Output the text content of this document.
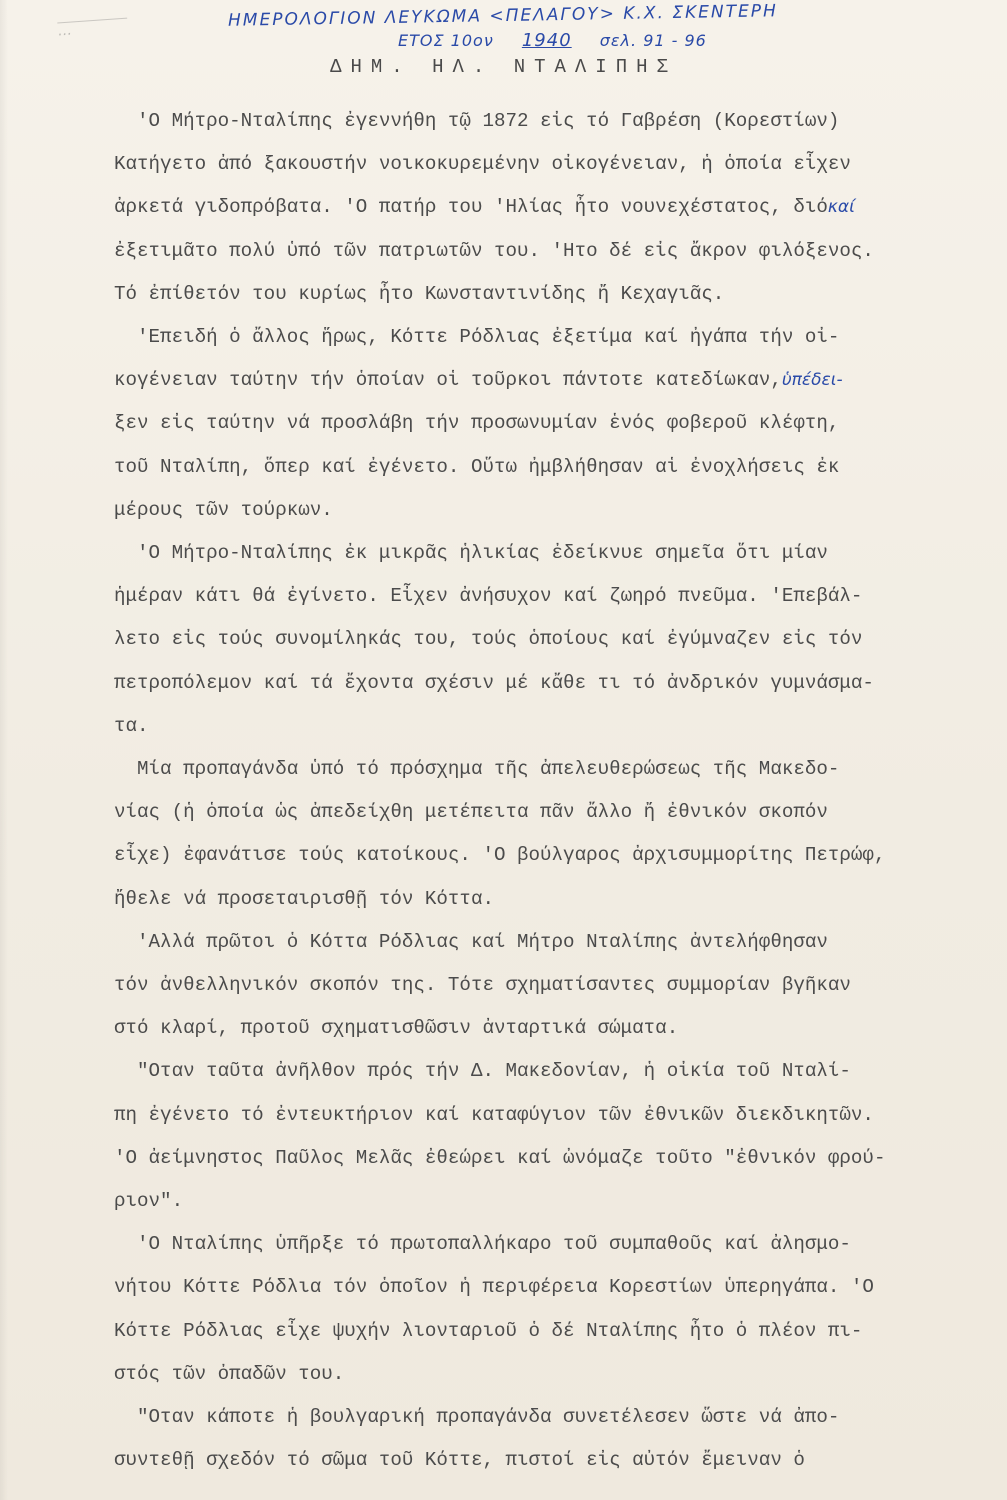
…
ΗΜΕΡΟΛΟΓΙΟΝ ΛΕΥΚΩΜΑ <ΠΕΛΑΓΟΥ> Κ.Χ. ΣΚΕΝΤΕΡΗ
ΕΤΟΣ 10ον 1940 σελ. 91 - 96
ΔΗΜ. ΗΛ. ΝΤΑΛΙΠΗΣ
'Ο Μήτρο-Νταλίπης ἐγεννήθη τῷ 1872 εἰς τό Γαβρέση (Κορεστίων)
Κατήγετο ἀπό ξακουστήν νοικοκυρεμένην οἰκογένειαν, ἡ ὁποία εἶχεν
ἀρκετά γιδοπρόβατα. 'Ο πατήρ του 'Ηλίας ἦτο νουνεχέστατος, διόκαί
ἐξετιμᾶτο πολύ ὑπό τῶν πατριωτῶν του. 'Ητο δέ εἰς ἄκρον φιλόξενος.
Τό ἐπίθετόν του κυρίως ἦτο Κωνσταντινίδης ἤ Κεχαγιᾶς.
'Επειδή ὁ ἄλλος ἥρως, Κόττε Ρόδλιας ἐξετίμα καί ἠγάπα τήν οἰ-
κογένειαν ταύτην τήν ὁποίαν οἱ τοῦρκοι πάντοτε κατεδίωκαν,ὑπέδει-
ξεν εἰς ταύτην νά προσλάβη τήν προσωνυμίαν ἑνός φοβεροῦ κλέφτη,
τοῦ Νταλίπη, ὅπερ καί ἐγένετο. Οὕτω ἠμβλήθησαν αἱ ἐνοχλήσεις ἐκ
μέρους τῶν τούρκων.
'Ο Μήτρο-Νταλίπης ἐκ μικρᾶς ἡλικίας ἐδείκνυε σημεῖα ὅτι μίαν
ἡμέραν κάτι θά ἐγίνετο. Εἶχεν ἀνήσυχον καί ζωηρό πνεῦμα. 'Επεβάλ-
λετο εἰς τούς συνομίληκάς του, τούς ὁποίους καί ἐγύμναζεν εἰς τόν
πετροπόλεμον καί τά ἔχοντα σχέσιν μέ κἄθε τι τό ἀνδρικόν γυμνάσμα-
τα.
Μία προπαγάνδα ὑπό τό πρόσχημα τῆς ἀπελευθερώσεως τῆς Μακεδο-
νίας (ἡ ὁποία ὡς ἀπεδείχθη μετέπειτα πᾶν ἄλλο ἤ ἐθνικόν σκοπόν
εἶχε) ἐφανάτισε τούς κατοίκους. 'Ο βούλγαρος ἀρχισυμμορίτης Πετρώφ,
ἤθελε νά προσεταιρισθῇ τόν Κόττα.
'Αλλά πρῶτοι ὁ Κόττα Ρόδλιας καί Μήτρο Νταλίπης ἀντελήφθησαν
τόν ἀνθελληνικόν σκοπόν της. Τότε σχηματίσαντες συμμορίαν βγῆκαν
στό κλαρί, προτοῦ σχηματισθῶσιν ἀνταρτικά σώματα.
"Οταν ταῦτα ἀνῆλθον πρός τήν Δ. Μακεδονίαν, ἡ οἰκία τοῦ Νταλί-
πη ἐγένετο τό ἐντευκτήριον καί καταφύγιον τῶν ἐθνικῶν διεκδικητῶν.
'Ο ἀείμνηστος Παῦλος Μελᾶς ἐθεώρει καί ὠνόμαζε τοῦτο "ἐθνικόν φρού-
ριον".
'Ο Νταλίπης ὑπῆρξε τό πρωτοπαλλήκαρο τοῦ συμπαθοῦς καί ἀλησμο-
νήτου Κόττε Ρόδλια τόν ὁποῖον ἡ περιφέρεια Κορεστίων ὑπερηγάπα. 'Ο
Κόττε Ρόδλιας εἶχε ψυχήν λιονταριοῦ ὁ δέ Νταλίπης ἦτο ὁ πλέον πι-
στός τῶν ὀπαδῶν του.
"Οταν κάποτε ἡ βουλγαρική προπαγάνδα συνετέλεσεν ὥστε νά ἀπο-
συντεθῇ σχεδόν τό σῶμα τοῦ Κόττε, πιστοί εἰς αὐτόν ἔμειναν ὁ
